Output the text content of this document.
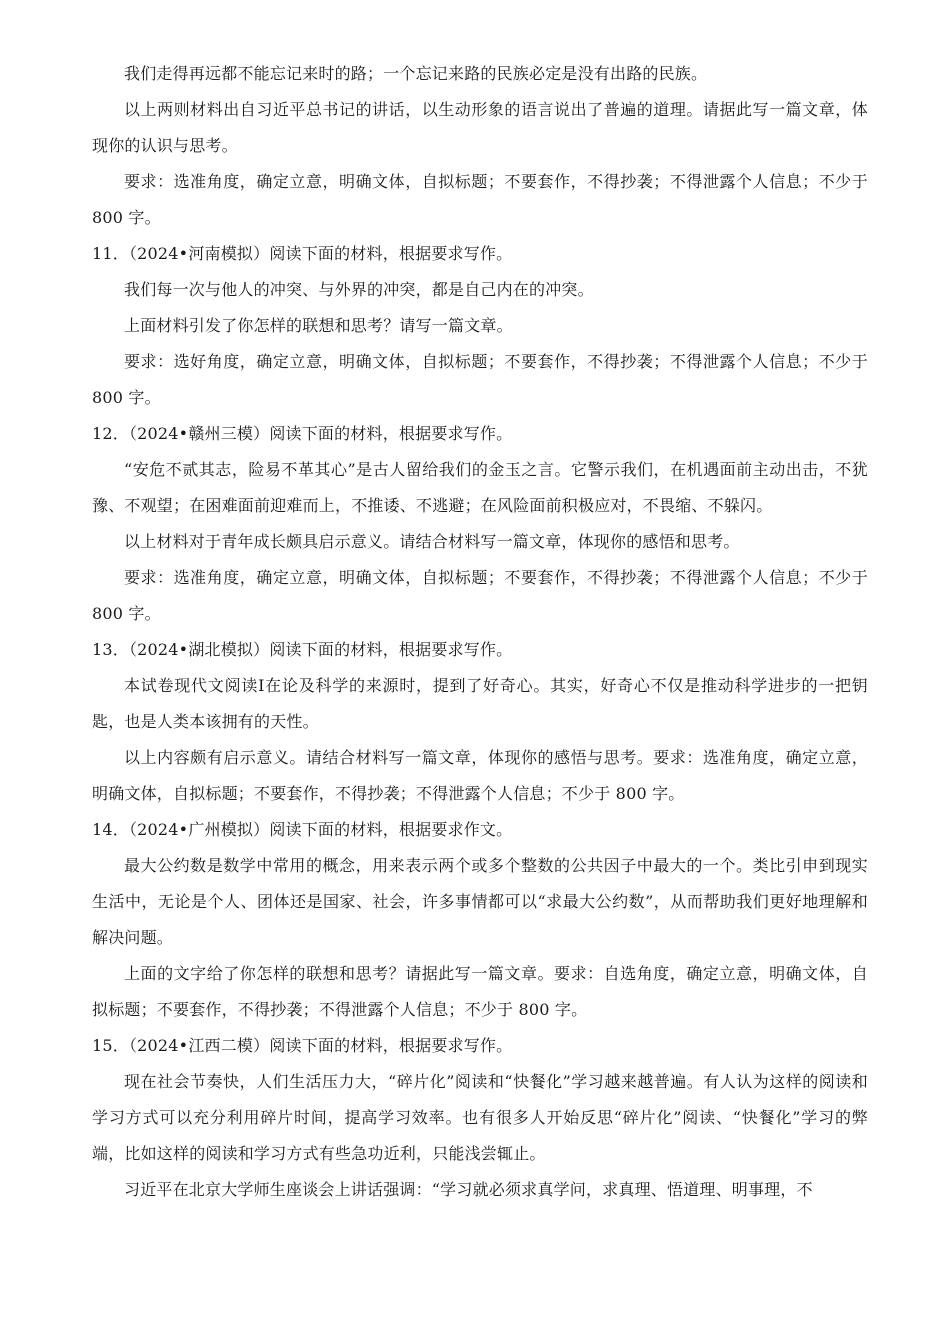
我们走得再远都不能忘记来时的路；一个忘记来路的民族必定是没有出路的民族。

以上两则材料出自习近平总书记的讲话，以生动形象的语言说出了普遍的道理。请据此写一篇文章，体现你的认识与思考。

要求：选准角度，确定立意，明确文体，自拟标题；不要套作，不得抄袭；不得泄露个人信息；不少于 800 字。

11．（2024•河南模拟）阅读下面的材料，根据要求写作。

我们每一次与他人的冲突、与外界的冲突，都是自己内在的冲突。

上面材料引发了你怎样的联想和思考？请写一篇文章。

要求：选好角度，确定立意，明确文体，自拟标题；不要套作，不得抄袭；不得泄露个人信息；不少于 800 字。

12．（2024•赣州三模）阅读下面的材料，根据要求写作。

“安危不贰其志，险易不革其心”是古人留给我们的金玉之言。它警示我们，在机遇面前主动出击，不犹豫、不观望；在困难面前迎难而上，不推诿、不逃避；在风险面前积极应对，不畏缩、不躲闪。

以上材料对于青年成长颇具启示意义。请结合材料写一篇文章，体现你的感悟和思考。

要求：选准角度，确定立意，明确文体，自拟标题；不要套作，不得抄袭；不得泄露个人信息；不少于 800 字。

13．（2024•湖北模拟）阅读下面的材料，根据要求写作。

本试卷现代文阅读Ⅰ在论及科学的来源时，提到了好奇心。其实，好奇心不仅是推动科学进步的一把钥匙，也是人类本该拥有的天性。

以上内容颇有启示意义。请结合材料写一篇文章，体现你的感悟与思考。要求：选准角度，确定立意，明确文体，自拟标题；不要套作，不得抄袭；不得泄露个人信息；不少于 800 字。

14．（2024•广州模拟）阅读下面的材料，根据要求作文。

最大公约数是数学中常用的概念，用来表示两个或多个整数的公共因子中最大的一个。类比引申到现实生活中，无论是个人、团体还是国家、社会，许多事情都可以“求最大公约数”，从而帮助我们更好地理解和解决问题。

上面的文字给了你怎样的联想和思考？请据此写一篇文章。要求：自选角度，确定立意，明确文体，自拟标题；不要套作，不得抄袭；不得泄露个人信息；不少于 800 字。

15．（2024•江西二模）阅读下面的材料，根据要求写作。

现在社会节奏快，人们生活压力大，“碎片化”阅读和“快餐化”学习越来越普遍。有人认为这样的阅读和学习方式可以充分利用碎片时间，提高学习效率。也有很多人开始反思“碎片化”阅读、“快餐化”学习的弊端，比如这样的阅读和学习方式有些急功近利，只能浅尝辄止。

习近平在北京大学师生座谈会上讲话强调：“学习就必须求真学问，求真理、悟道理、明事理，不
